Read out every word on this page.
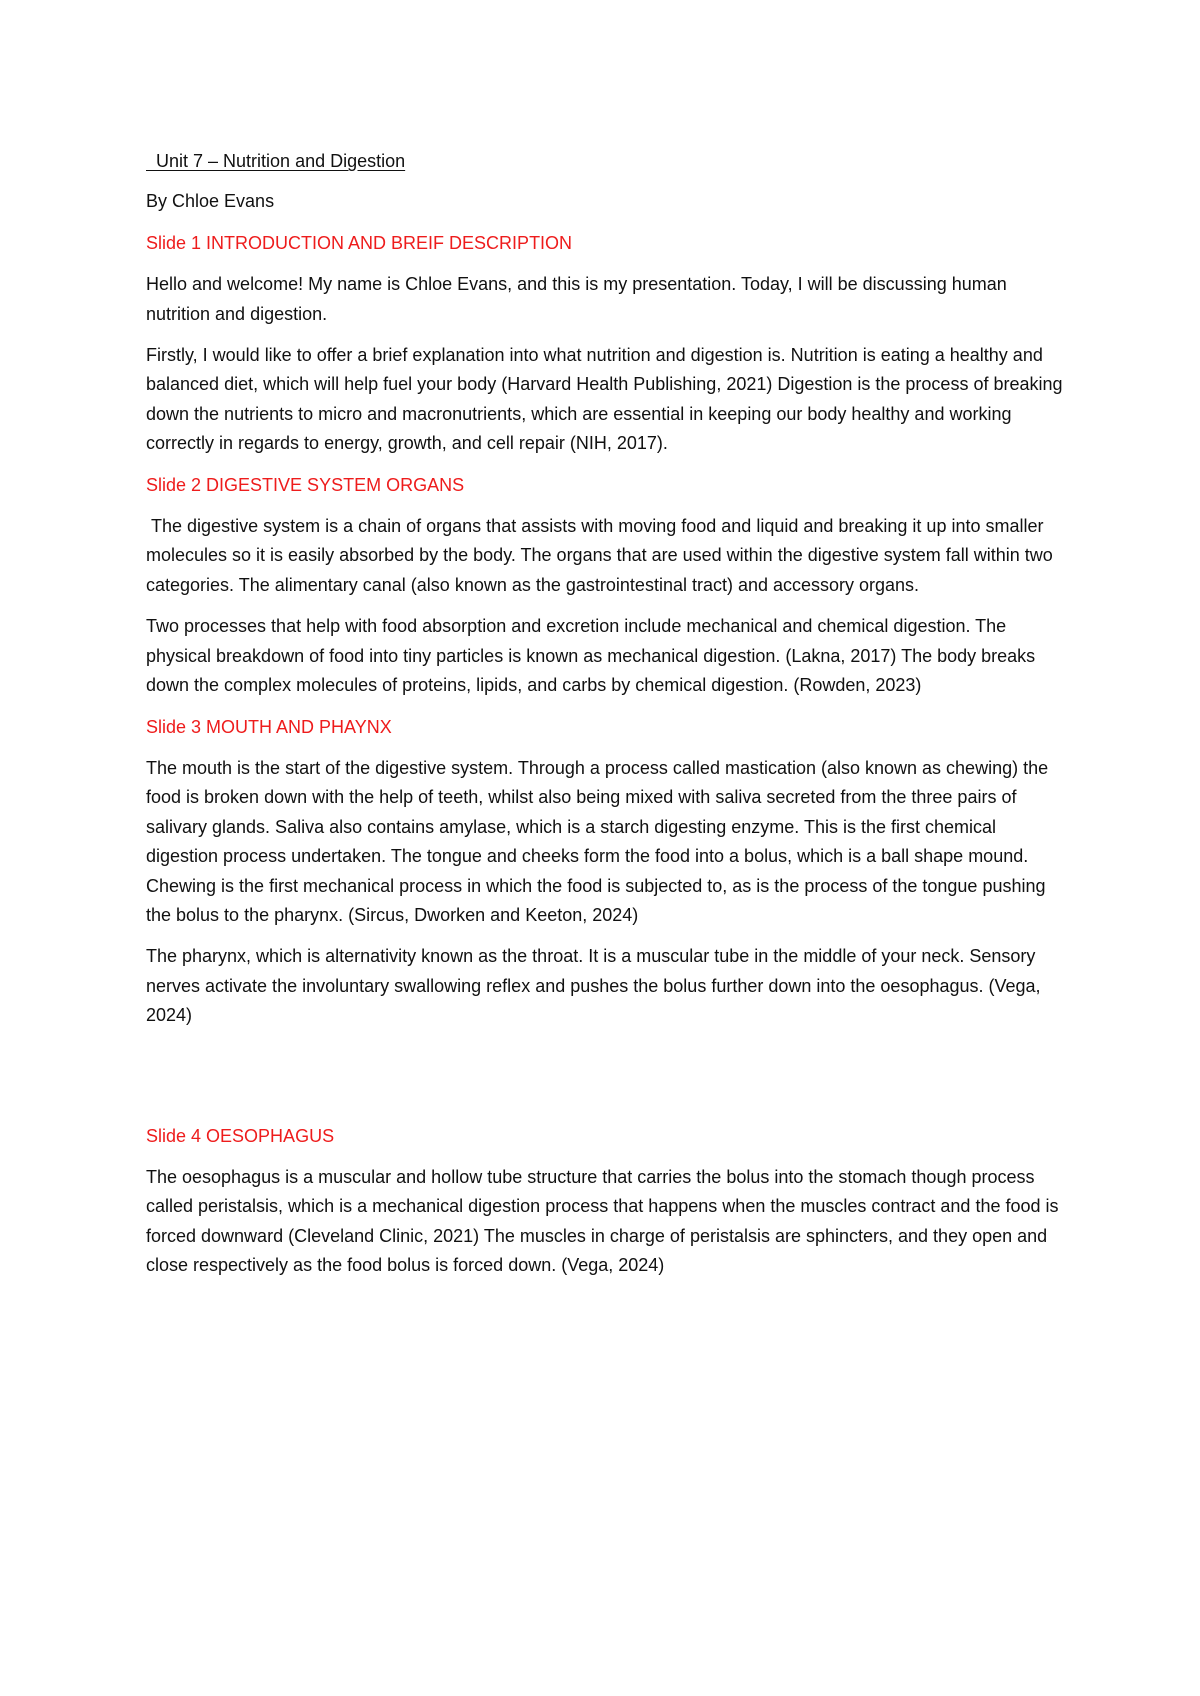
Unit 7 – Nutrition and Digestion
By Chloe Evans
Slide 1 INTRODUCTION AND BREIF DESCRIPTION

Hello and welcome! My name is Chloe Evans, and this is my presentation. Today, I will be discussing human nutrition and digestion.

Firstly, I would like to offer a brief explanation into what nutrition and digestion is. Nutrition is eating a healthy and balanced diet, which will help fuel your body (Harvard Health Publishing, 2021) Digestion is the process of breaking down the nutrients to micro and macronutrients, which are essential in keeping our body healthy and working correctly in regards to energy, growth, and cell repair (NIH, 2017).

Slide 2 DIGESTIVE SYSTEM ORGANS

The digestive system is a chain of organs that assists with moving food and liquid and breaking it up into smaller molecules so it is easily absorbed by the body. The organs that are used within the digestive system fall within two categories. The alimentary canal (also known as the gastrointestinal tract) and accessory organs.

Two processes that help with food absorption and excretion include mechanical and chemical digestion. The physical breakdown of food into tiny particles is known as mechanical digestion. (Lakna, 2017) The body breaks down the complex molecules of proteins, lipids, and carbs by chemical digestion. (Rowden, 2023)

Slide 3 MOUTH AND PHAYNX

The mouth is the start of the digestive system. Through a process called mastication (also known as chewing) the food is broken down with the help of teeth, whilst also being mixed with saliva secreted from the three pairs of salivary glands. Saliva also contains amylase, which is a starch digesting enzyme. This is the first chemical digestion process undertaken. The tongue and cheeks form the food into a bolus, which is a ball shape mound. Chewing is the first mechanical process in which the food is subjected to, as is the process of the tongue pushing the bolus to the pharynx. (Sircus, Dworken and Keeton, 2024)

The pharynx, which is alternativity known as the throat. It is a muscular tube in the middle of your neck. Sensory nerves activate the involuntary swallowing reflex and pushes the bolus further down into the oesophagus. (Vega, 2024)

Slide 4 OESOPHAGUS

The oesophagus is a muscular and hollow tube structure that carries the bolus into the stomach though process called peristalsis, which is a mechanical digestion process that happens when the muscles contract and the food is forced downward (Cleveland Clinic, 2021) The muscles in charge of peristalsis are sphincters, and they open and close respectively as the food bolus is forced down. (Vega, 2024)
